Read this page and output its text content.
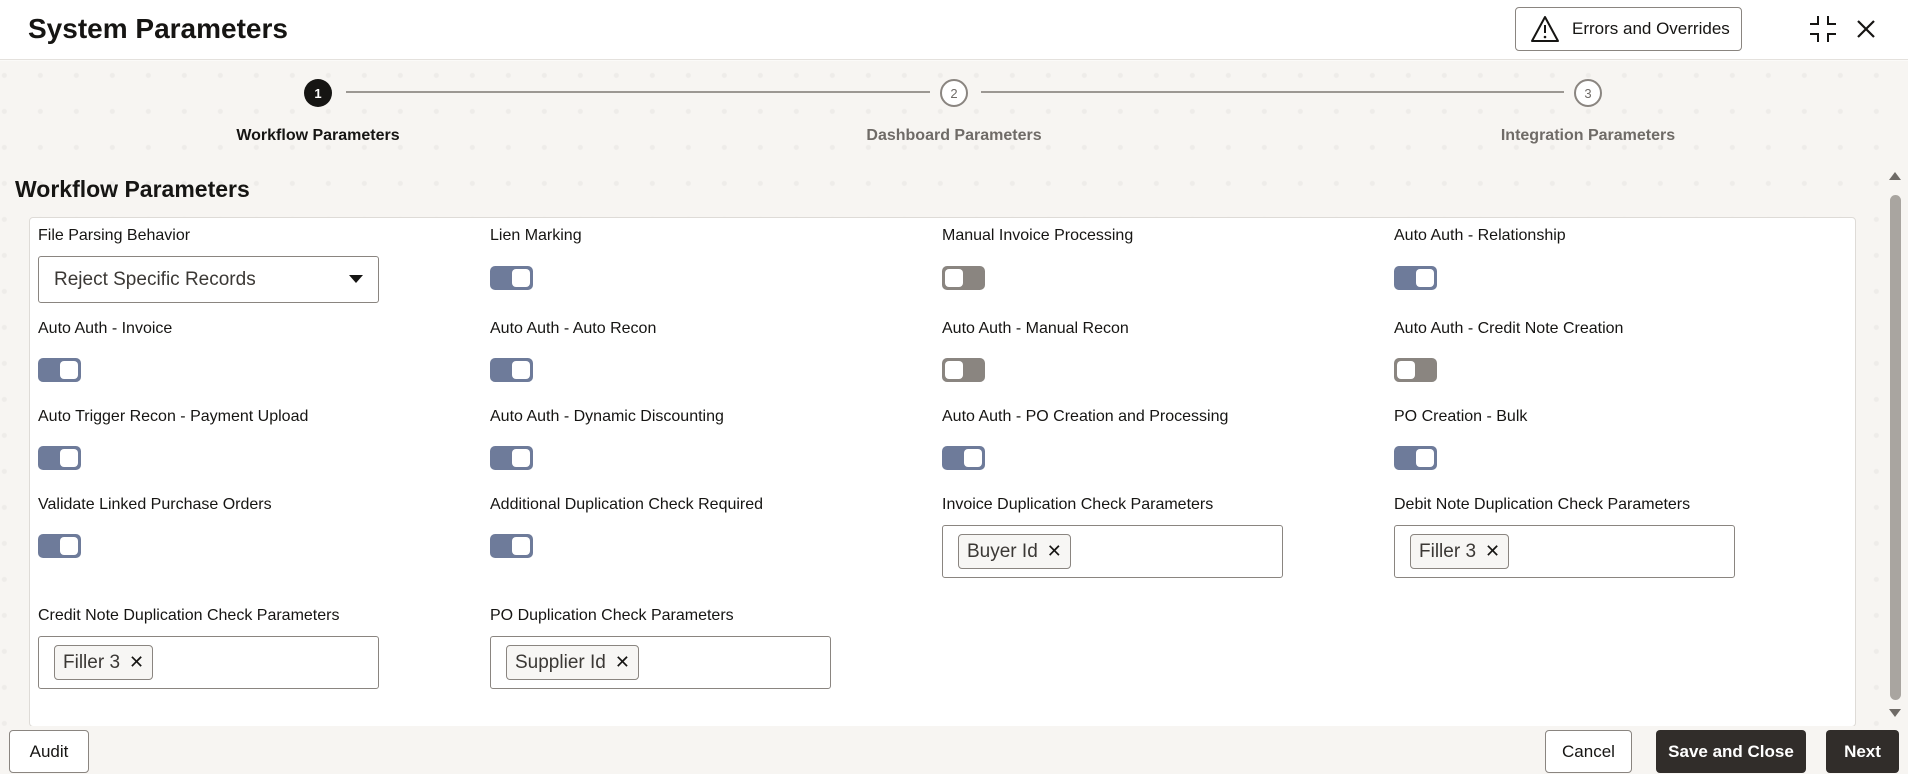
System Parameters	Errors and Overrides
1	2	3
Workflow Parameters	Dashboard Parameters	Integration Parameters
Workflow Parameters
File Parsing Behavior
Reject Specific Records
Lien Marking	Manual Invoice Processing	Auto Auth - Relationship
Auto Auth - Invoice	Auto Auth - Auto Recon	Auto Auth - Manual Recon	Auto Auth - Credit Note Creation
Auto Trigger Recon - Payment Upload	Auto Auth - Dynamic Discounting	Auto Auth - PO Creation and Processing	PO Creation - Bulk
Validate Linked Purchase Orders	Additional Duplication Check Required	Invoice Duplication Check Parameters
Buyer Id ✕
Debit Note Duplication Check Parameters
Filler 3 ✕
Credit Note Duplication Check Parameters
Filler 3 ✕
PO Duplication Check Parameters
Supplier Id ✕
Audit	Cancel	Save and Close	Next
